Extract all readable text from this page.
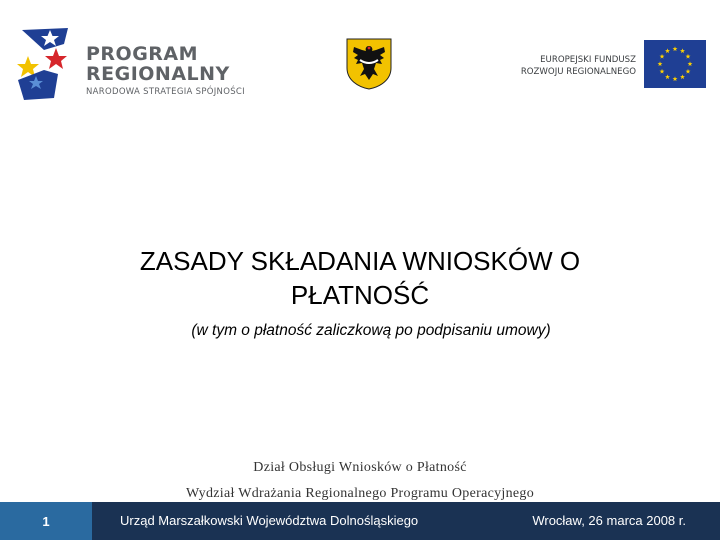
PROGRAM
REGIONALNY
NARODOWA STRATEGIA SPÓJNOŚCI
EUROPEJSKI FUNDUSZ
ROZWOJU REGIONALNEGO
ZASADY SKŁADANIA WNIOSKÓW O
PŁATNOŚĆ
(w tym o płatność zaliczkową po podpisaniu umowy)
Dział Obsługi Wniosków o Płatność
Wydział Wdrażania Regionalnego Programu Operacyjnego
1	Urząd Marszałkowski Województwa Dolnośląskiego	Wrocław, 26 marca 2008 r.
